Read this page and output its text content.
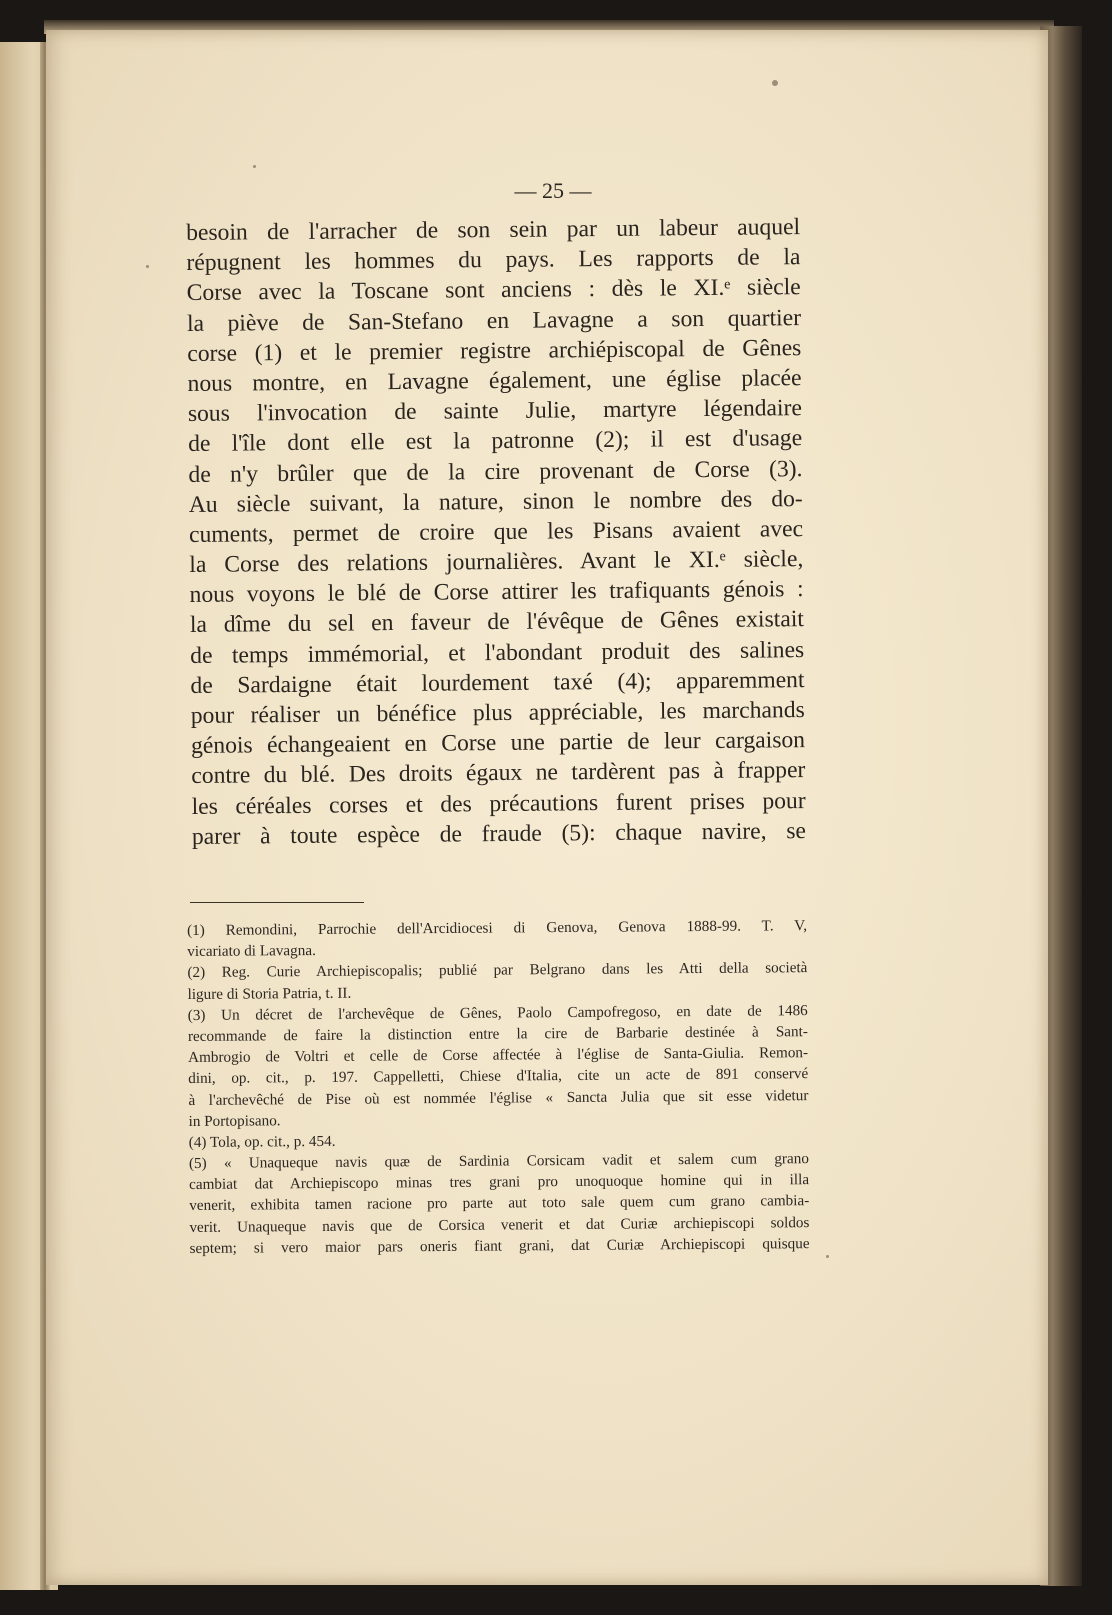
— 25 —
besoin de l'arracher de son sein par un labeur auquel
répugnent les hommes du pays. Les rapports de la
Corse avec la Toscane sont anciens : dès le XI.ᵉ siècle
la piève de San-Stefano en Lavagne a son quartier
corse (1) et le premier registre archiépiscopal de Gênes
nous montre, en Lavagne également, une église placée
sous l'invocation de sainte Julie, martyre légendaire
de l'île dont elle est la patronne (2); il est d'usage
de n'y brûler que de la cire provenant de Corse (3).
Au siècle suivant, la nature, sinon le nombre des do-
cuments, permet de croire que les Pisans avaient avec
la Corse des relations journalières. Avant le XI.ᵉ siècle,
nous voyons le blé de Corse attirer les trafiquants génois :
la dîme du sel en faveur de l'évêque de Gênes existait
de temps immémorial, et l'abondant produit des salines
de Sardaigne était lourdement taxé (4); apparemment
pour réaliser un bénéfice plus appréciable, les marchands
génois échangeaient en Corse une partie de leur cargaison
contre du blé. Des droits égaux ne tardèrent pas à frapper
les céréales corses et des précautions furent prises pour
parer à toute espèce de fraude (5): chaque navire, se
(1) Remondini, Parrochie dell'Arcidiocesi di Genova, Genova 1888-99. T. V,
vicariato di Lavagna.
(2) Reg. Curie Archiepiscopalis; publié par Belgrano dans les Atti della società
ligure di Storia Patria, t. II.
(3) Un décret de l'archevêque de Gênes, Paolo Campofregoso, en date de 1486
recommande de faire la distinction entre la cire de Barbarie destinée à Sant-
Ambrogio de Voltri et celle de Corse affectée à l'église de Santa-Giulia. Remon-
dini, op. cit., p. 197. Cappelletti, Chiese d'Italia, cite un acte de 891 conservé
à l'archevêché de Pise où est nommée l'église « Sancta Julia que sit esse videtur
in Portopisano.
(4) Tola, op. cit., p. 454.
(5) « Unaqueque navis quæ de Sardinia Corsicam vadit et salem cum grano
cambiat dat Archiepiscopo minas tres grani pro unoquoque homine qui in illa
venerit, exhibita tamen racione pro parte aut toto sale quem cum grano cambia-
verit. Unaqueque navis que de Corsica venerit et dat Curiæ archiepiscopi soldos
septem; si vero maior pars oneris fiant grani, dat Curiæ Archiepiscopi quisque
